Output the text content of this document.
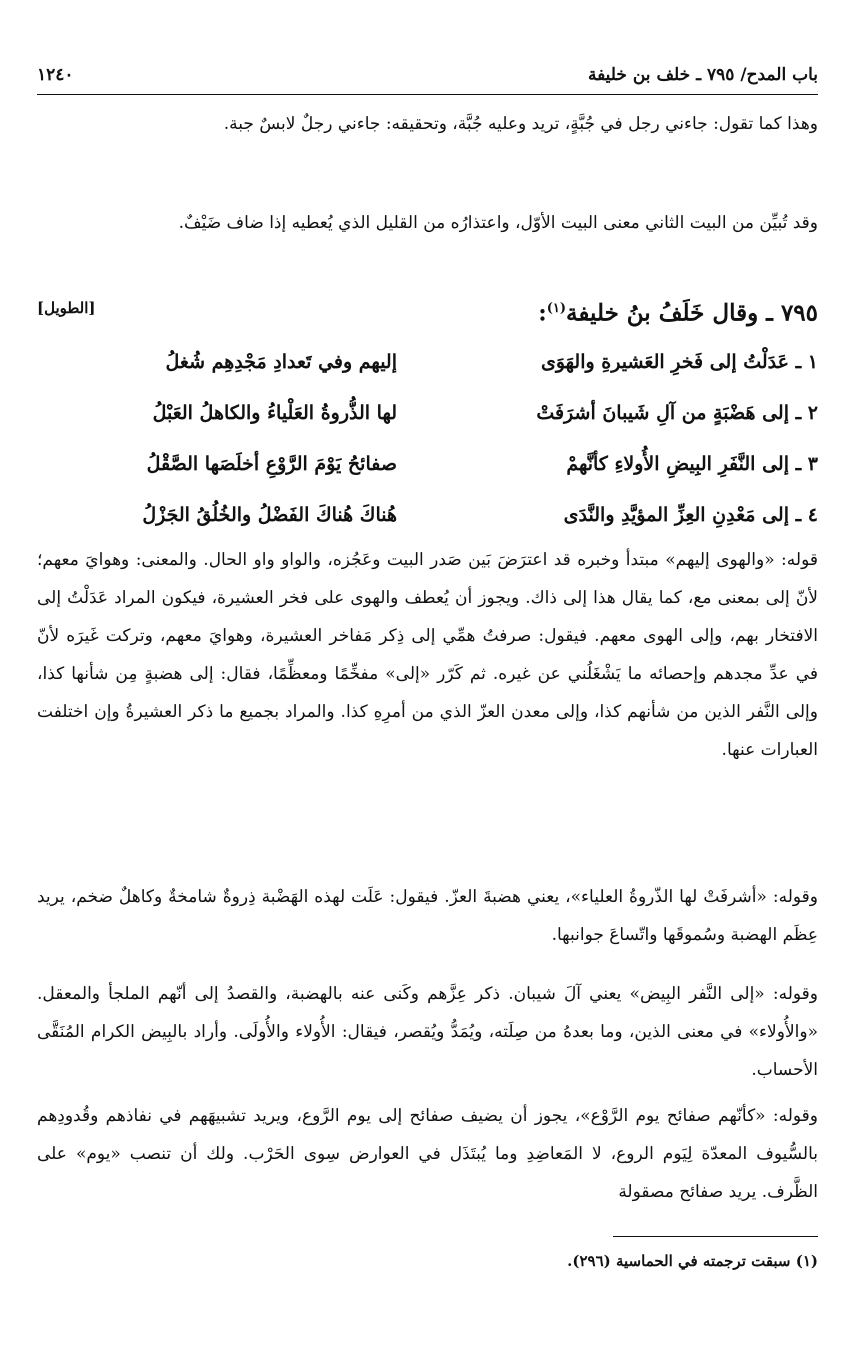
باب المدح/ ٧٩٥ ـ خلف بن خليفة
١٢٤٠
وهذا كما تقول: جاءني رجل في جُبَّةٍ، تريد وعليه جُبَّة، وتحقيقه: جاءني رجلٌ لابسٌ جبة.
وقد تُبيِّن من البيت الثاني معنى البيت الأوّل، واعتذارُه من القليل الذي يُعطيه إذا ضاف ضَيْفٌ.
٧٩٥ ـ وقال خَلَفُ بنُ خليفة$^{(١)}$:
[الطويل]
١ ـ عَدَلْتُ إلى فَخرِ العَشيرةِ والهَوَى
إليهم وفي تَعدادِ مَجْدِهِم شُغلُ
٢ ـ إلى هَضْبَةٍ من آلِ شَيبانَ أشرَفَتْ
لها الذُّروةُ العَلْياءُ والكاهلُ العَبْلُ
٣ ـ إلى النَّفَرِ البِيضِ الأُولاءِ كأنَّهمْ
صفائحُ يَوْمَ الرَّوْعِ أخلَصَها الصَّقْلُ
٤ ـ إلى مَعْدِنِ العِزِّ المؤيَّدِ والنَّدَى
هُناكَ هُناكَ الفَضْلُ والخُلُقُ الجَزْلُ
قوله: «والهوى إليهم» مبتدأ وخبره قد اعترَضَ بَين صَدر البيت وعَجُزه، والواو واو الحال. والمعنى: وهوايَ معهم؛ لأنّ إلى بمعنى مع، كما يقال هذا إلى ذاك. ويجوز أن يُعطف والهوى على فخر العشيرة، فيكون المراد عَدَلْتُ إلى الافتخار بهم، وإلى الهوى معهم. فيقول: صرفتُ همِّي إلى ذِكر مَفاخر العشيرة، وهوايَ معهم، وتركت غَيرَه لأنّ في عدِّ مجدهم وإحصائه ما يَشْغَلُني عن غيره. ثم كَرّر «إلى» مفخِّمًا ومعظِّمًا، فقال: إلى هضبةٍ مِن شأنها كذا، وإلى النَّفر الذين من شأنهم كذا، وإلى معدن العزّ الذي من أمرِهِ كذا. والمراد بجميع ما ذكر العشيرةُ وإن اختلفت العبارات عنها.
وقوله: «أشرفَتْ لها الذّروةُ العلياء»، يعني هضبةَ العزّ. فيقول: عَلَت لهذه الهَضْبة ذِروةٌ شامخةٌ وكاهلٌ ضخم، يريد عِظَم الهضبة وسُموقَها واتّساعَ جوانبها.
وقوله: «إلى النَّفر البِيض» يعني آلَ شيبان. ذكر عِزَّهم وكَنى عنه بالهضبة، والقصدُ إلى أنّهم الملجأ والمعقل. «والأُولاء» في معنى الذين، وما بعدهُ من صِلَته، ويُمَدُّ ويُقصر، فيقال: الأُولاء والأُولَى. وأراد بالبِيض الكرام المُنَقَّى الأحساب.
وقوله: «كأنّهم صفائح يوم الرَّوْع»، يجوز أن يضيف صفائح إلى يوم الرَّوع، ويريد تشبيهَهم في نفاذهم وقُدودِهم بالسُّيوف المعدّة لِيَوم الروع، لا المَعاضِدِ وما يُبتَذَل في العوارض سِوى الحَرْب. ولك أن تنصب «يوم» على الظَّرف. يريد صفائح مصقولة
(١) سبقت ترجمته في الحماسية (٢٩٦).
